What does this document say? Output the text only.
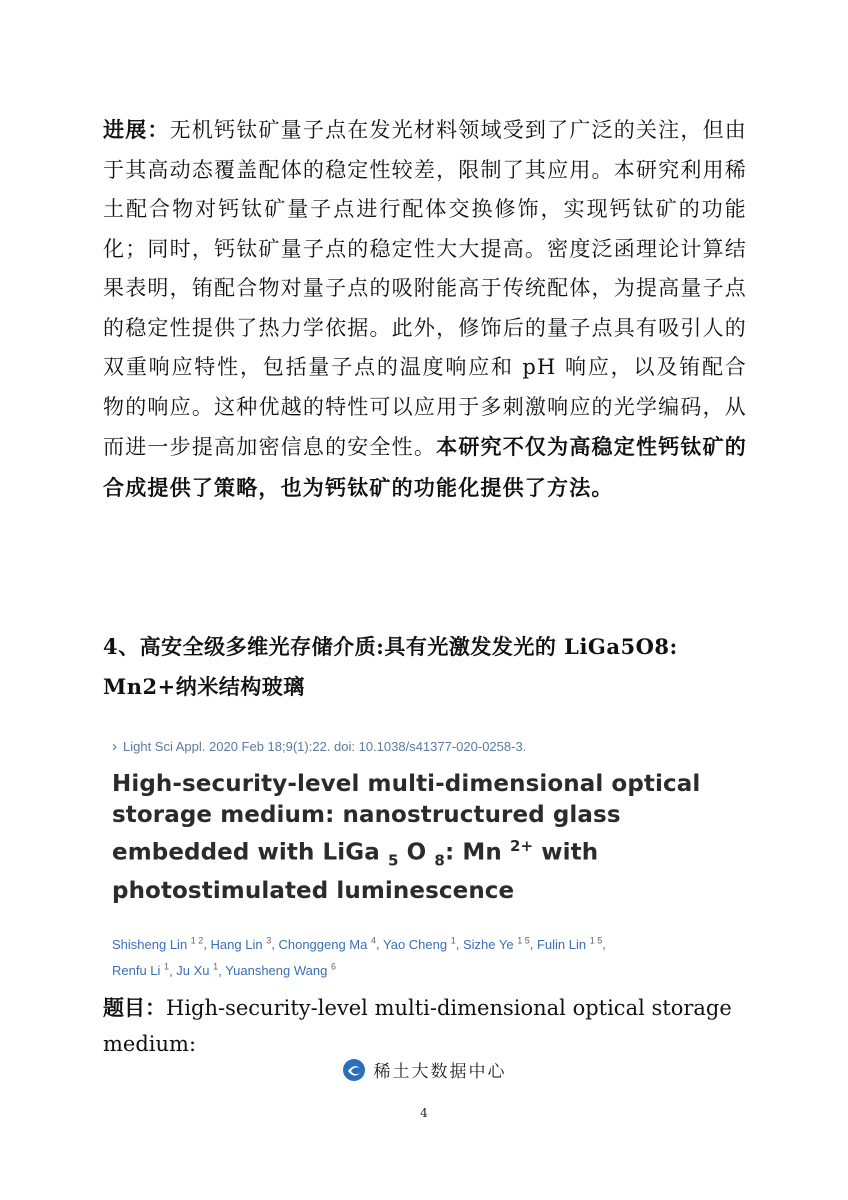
进展：无机钙钛矿量子点在发光材料领域受到了广泛的关注，但由于其高动态覆盖配体的稳定性较差，限制了其应用。本研究利用稀土配合物对钙钛矿量子点进行配体交换修饰，实现钙钛矿的功能化；同时，钙钛矿量子点的稳定性大大提高。密度泛函理论计算结果表明，铕配合物对量子点的吸附能高于传统配体，为提高量子点的稳定性提供了热力学依据。此外，修饰后的量子点具有吸引人的双重响应特性，包括量子点的温度响应和 pH 响应，以及铕配合物的响应。这种优越的特性可以应用于多刺激响应的光学编码，从而进一步提高加密信息的安全性。本研究不仅为高稳定性钙钛矿的合成提供了策略，也为钙钛矿的功能化提供了方法。

4、高安全级多维光存储介质:具有光激发发光的 LiGa5O8: Mn2+纳米结构玻璃

› Light Sci Appl. 2020 Feb 18;9(1):22. doi: 10.1038/s41377-020-0258-3.

High-security-level multi-dimensional optical storage medium: nanostructured glass embedded with LiGa $_5$ O $_8$: Mn $^{2+}$ with photostimulated luminescence

Shisheng Lin $^{1 2}$, Hang Lin $^3$, Chonggeng Ma $^4$, Yao Cheng $^1$, Sizhe Ye $^{1 5}$, Fulin Lin $^{1 5}$,
Renfu Li $^1$, Ju Xu $^1$, Yuansheng Wang $^6$

题目：High-security-level multi-dimensional optical storage medium:

稀土大数据中心
4
